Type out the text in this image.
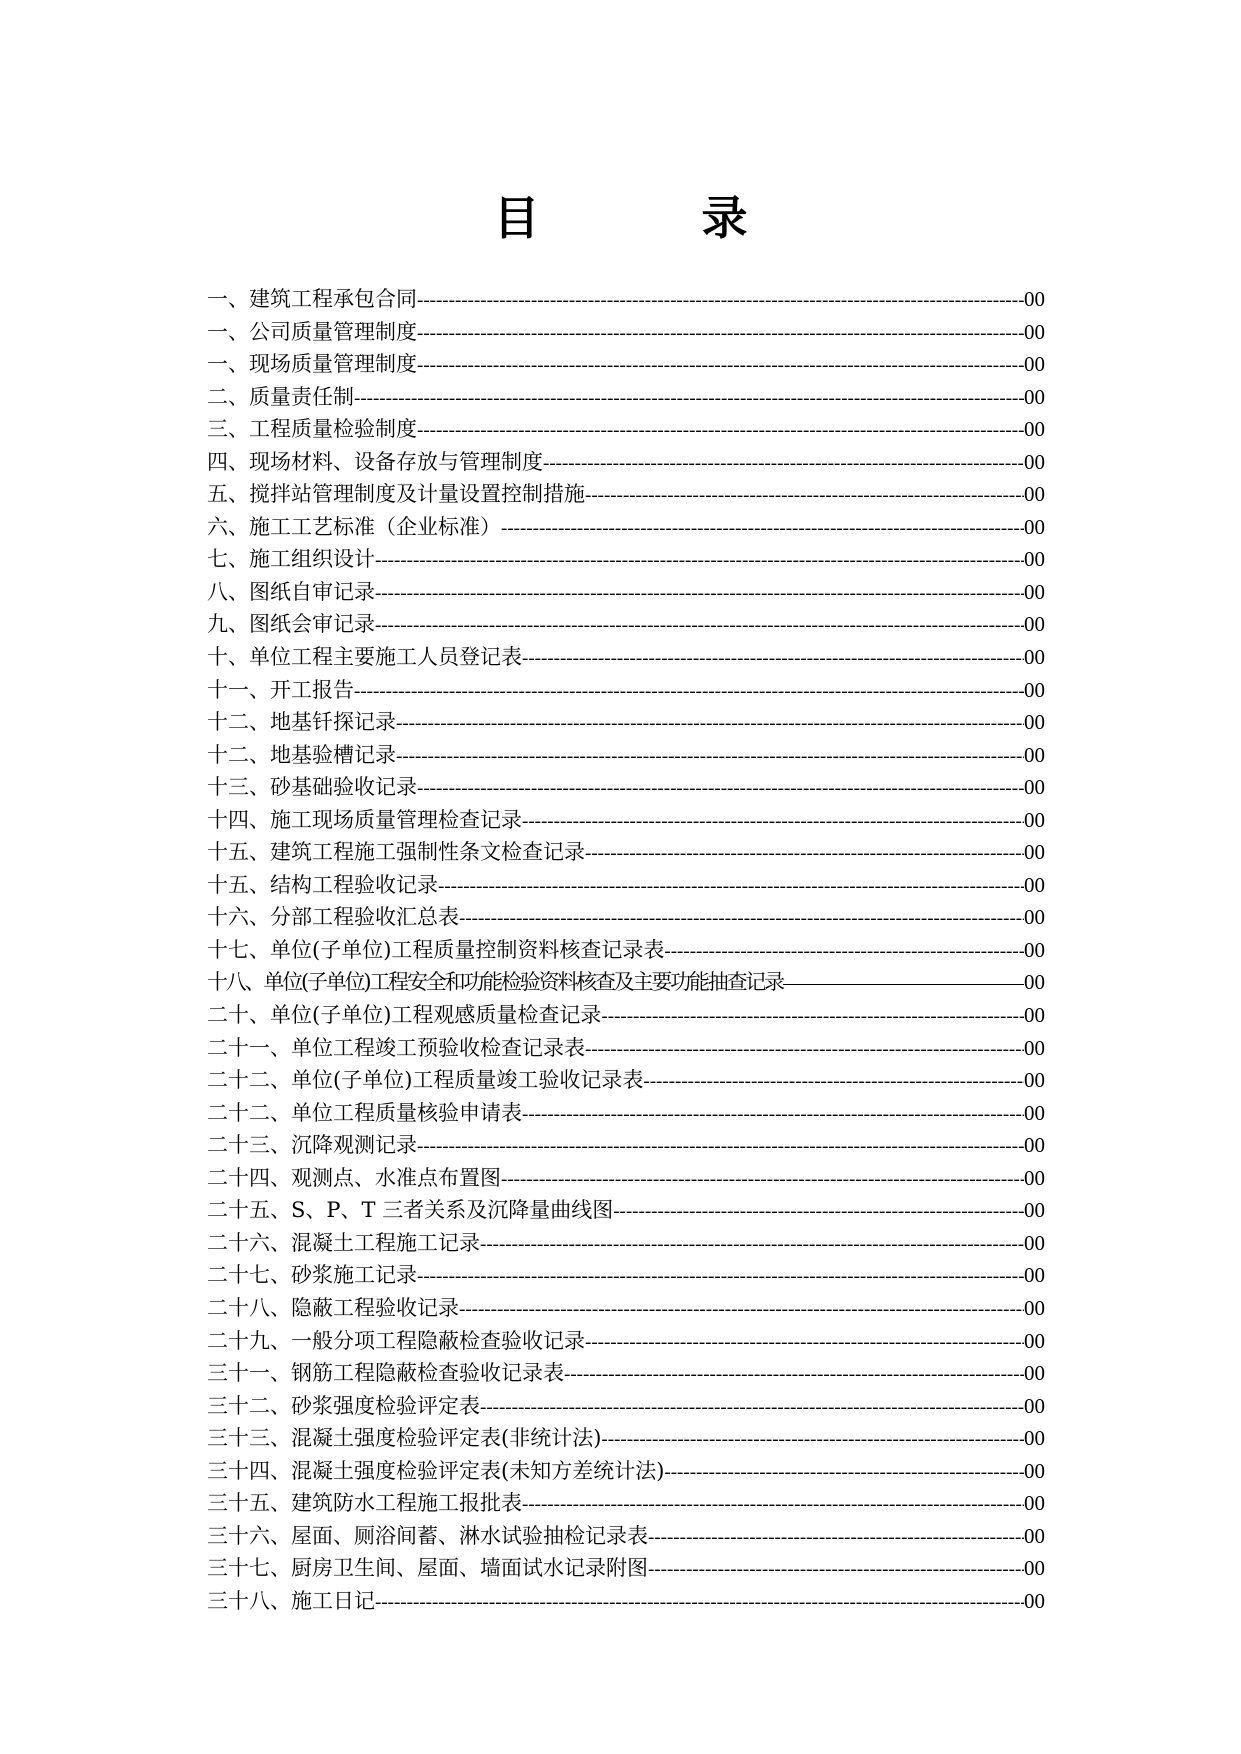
目　录
一、建筑工程承包合同 -----	00
一、公司质量管理制度 -----	00
一、现场质量管理制度 -----	00
二、质量责任制 -----	00
三、工程质量检验制度 -----	00
四、现场材料、设备存放与管理制度 -----	00
五、搅拌站管理制度及计量设置控制措施 -----	00
六、施工工艺标准（企业标准） -----	00
七、施工组织设计 -----	00
八、图纸自审记录 -----	00
九、图纸会审记录 -----	00
十、单位工程主要施工人员登记表 -----	00
十一、开工报告 -----	00
十二、地基钎探记录 -----	00
十二、地基验槽记录 -----	00
十三、砂基础验收记录 -----	00
十四、施工现场质量管理检查记录 -----	00
十五、建筑工程施工强制性条文检查记录 -----	00
十五、结构工程验收记录 -----	00
十六、分部工程验收汇总表 -----	00
十七、单位(子单位)工程质量控制资料核查记录表 -----	00
十八、单位(子单位)工程安全和功能检验资料核查及主要功能抽查记录 —————	00
二十、单位(子单位)工程观感质量检查记录 -----	00
二十一、单位工程竣工预验收检查记录表 -----	00
二十二、单位(子单位)工程质量竣工验收记录表 -----	00
二十二、单位工程质量核验申请表 -----	00
二十三、沉降观测记录 -----	00
二十四、观测点、水准点布置图 -----	00
二十五、S、P、T 三者关系及沉降量曲线图 -----	00
二十六、混凝土工程施工记录 -----	00
二十七、砂浆施工记录 -----	00
二十八、隐蔽工程验收记录 -----	00
二十九、一般分项工程隐蔽检查验收记录 -----	00
三十一、钢筋工程隐蔽检查验收记录表 -----	00
三十二、砂浆强度检验评定表 -----	00
三十三、混凝土强度检验评定表(非统计法) -----	00
三十四、混凝土强度检验评定表(未知方差统计法) -----	00
三十五、建筑防水工程施工报批表 -----	00
三十六、屋面、厕浴间蓄、淋水试验抽检记录表 -----	00
三十七、厨房卫生间、屋面、墙面试水记录附图 -----	00
三十八、施工日记 -----	00
